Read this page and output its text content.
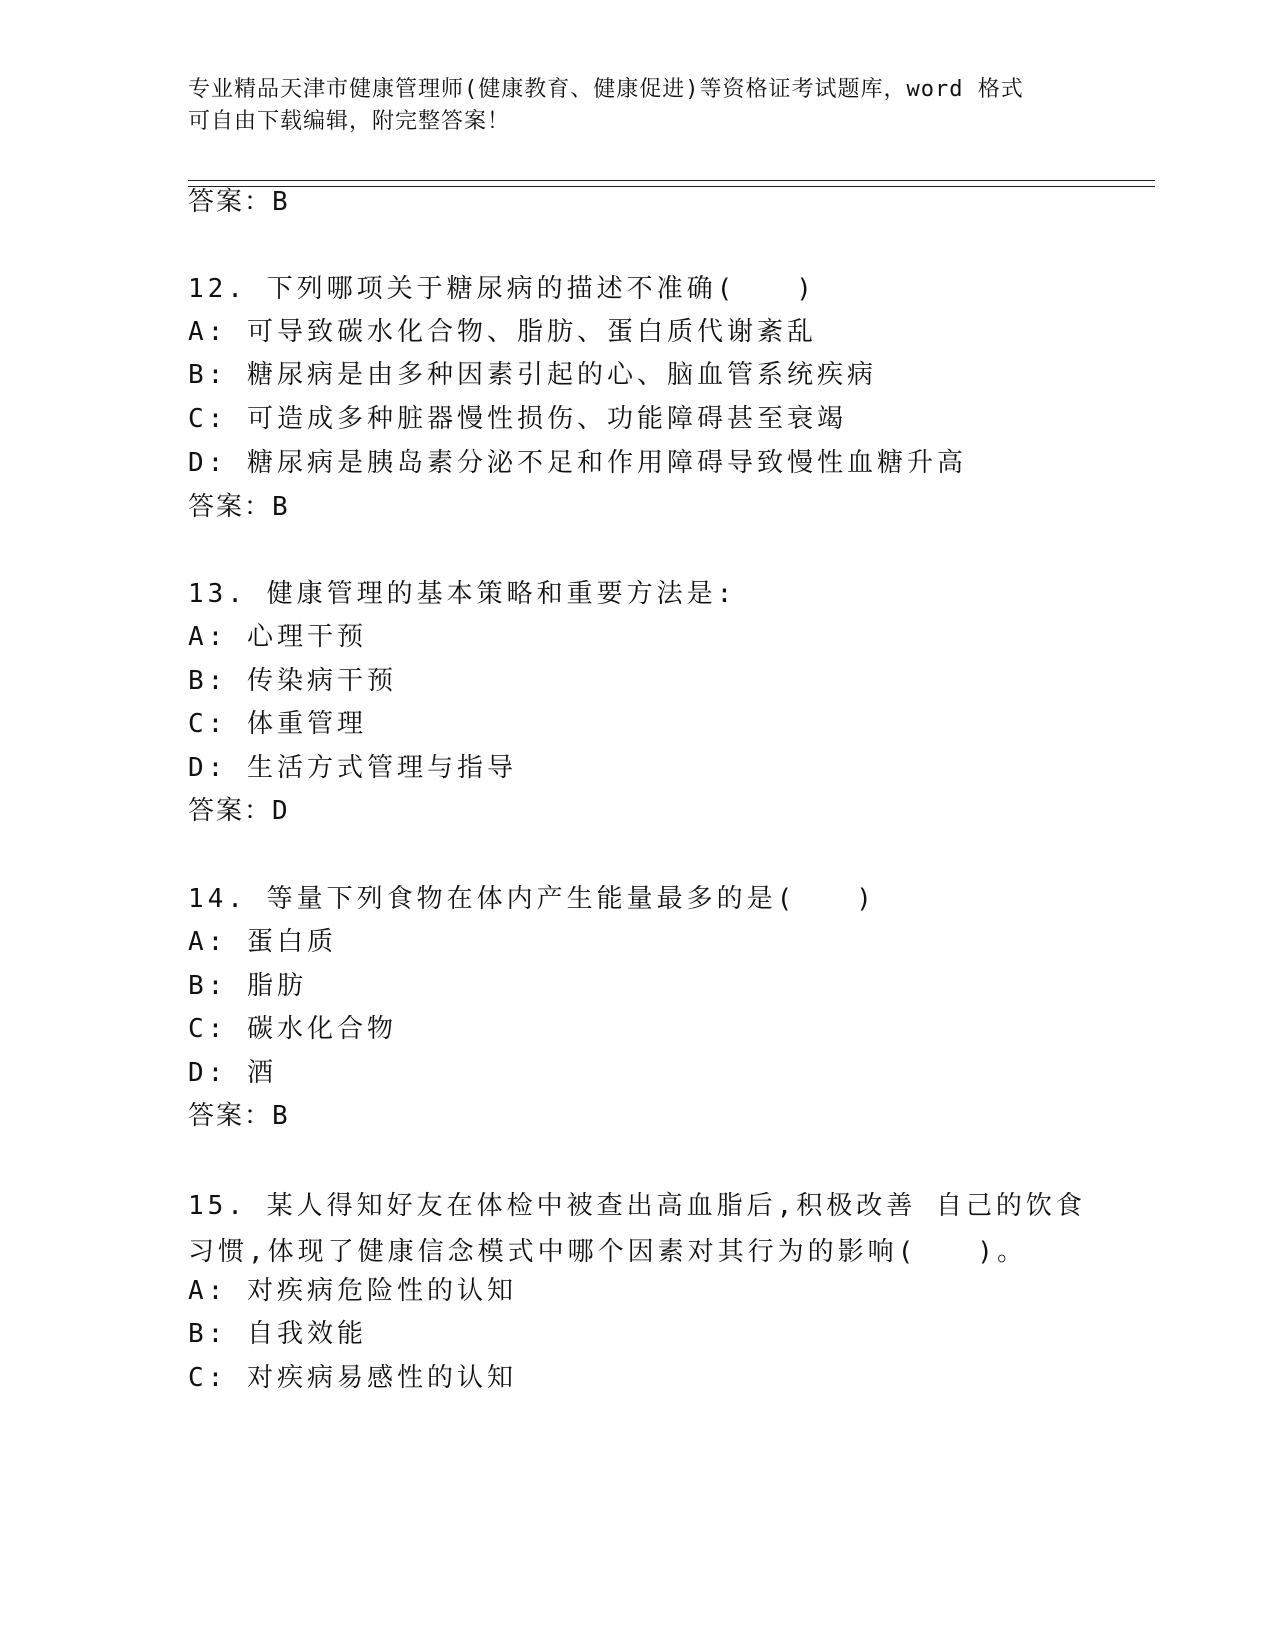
专业精品天津市健康管理师(健康教育、健康促进)等资格证考试题库，word 格式
可自由下载编辑，附完整答案！
答案：B
12. 下列哪项关于糖尿病的描述不准确(　　)
A: 可导致碳水化合物、脂肪、蛋白质代谢紊乱
B: 糖尿病是由多种因素引起的心、脑血管系统疾病
C: 可造成多种脏器慢性损伤、功能障碍甚至衰竭
D: 糖尿病是胰岛素分泌不足和作用障碍导致慢性血糖升高
答案：B
13. 健康管理的基本策略和重要方法是:
A: 心理干预
B: 传染病干预
C: 体重管理
D: 生活方式管理与指导
答案：D
14. 等量下列食物在体内产生能量最多的是(　　)
A: 蛋白质
B: 脂肪
C: 碳水化合物
D: 酒
答案：B
15. 某人得知好友在体检中被查出高血脂后,积极改善 自己的饮食习惯,体现了健康信念模式中哪个因素对其行为的影响(　　)。
A: 对疾病危险性的认知
B: 自我效能
C: 对疾病易感性的认知
